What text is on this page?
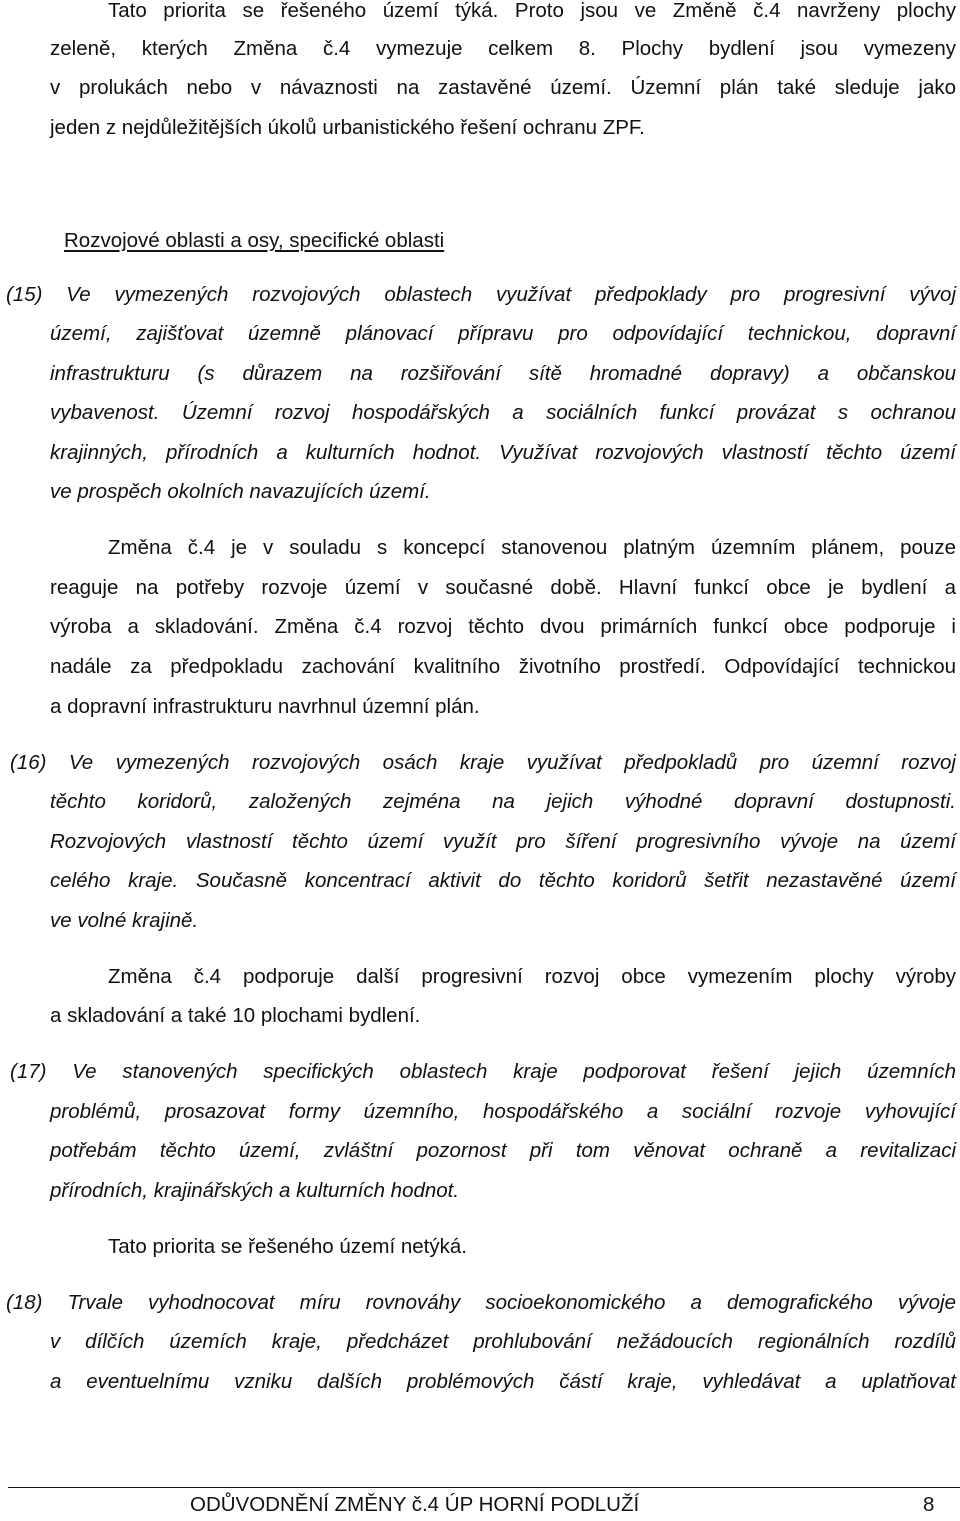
Tato priorita se řešeného území týká. Proto jsou ve Změně č.4 navrženy plochy
zeleně, kterých Změna č.4 vymezuje celkem 8. Plochy bydlení jsou vymezeny
v prolukách nebo v návaznosti na zastavěné území. Územní plán také sleduje jako
jeden z nejdůležitějších úkolů urbanistického řešení ochranu ZPF.
Rozvojové oblasti a osy, specifické oblasti
(15) Ve vymezených rozvojových oblastech využívat předpoklady pro progresivní vývoj
území, zajišťovat územně plánovací přípravu pro odpovídající technickou, dopravní
infrastrukturu (s důrazem na rozšiřování sítě hromadné dopravy) a občanskou
vybavenost. Územní rozvoj hospodářských a sociálních funkcí provázat s ochranou
krajinných, přírodních a kulturních hodnot. Využívat rozvojových vlastností těchto území
ve prospěch okolních navazujících území.
Změna č.4 je v souladu s koncepcí stanovenou platným územním plánem, pouze
reaguje na potřeby rozvoje území v současné době. Hlavní funkcí obce je bydlení a
výroba a skladování. Změna č.4 rozvoj těchto dvou primárních funkcí obce podporuje i
nadále za předpokladu zachování kvalitního životního prostředí. Odpovídající technickou
a dopravní infrastrukturu navrhnul územní plán.
(16) Ve vymezených rozvojových osách kraje využívat předpokladů pro územní rozvoj
těchto koridorů, založených zejména na jejich výhodné dopravní dostupnosti.
Rozvojových vlastností těchto území využít pro šíření progresivního vývoje na území
celého kraje. Současně koncentrací aktivit do těchto koridorů šetřit nezastavěné území
ve volné krajině.
Změna č.4 podporuje další progresivní rozvoj obce vymezením plochy výroby
a skladování a také 10 plochami bydlení.
(17) Ve stanovených specifických oblastech kraje podporovat řešení jejich územních
problémů, prosazovat formy územního, hospodářského a sociální rozvoje vyhovující
potřebám těchto území, zvláštní pozornost při tom věnovat ochraně a revitalizaci
přírodních, krajinářských a kulturních hodnot.
Tato priorita se řešeného území netýká.
(18) Trvale vyhodnocovat míru rovnováhy socioekonomického a demografického vývoje
v dílčích územích kraje, předcházet prohlubování nežádoucích regionálních rozdílů
a eventuelnímu vzniku dalších problémových částí kraje, vyhledávat a uplatňovat
ODŮVODNĚNÍ ZMĚNY č.4 ÚP HORNÍ PODLUŽÍ	8
